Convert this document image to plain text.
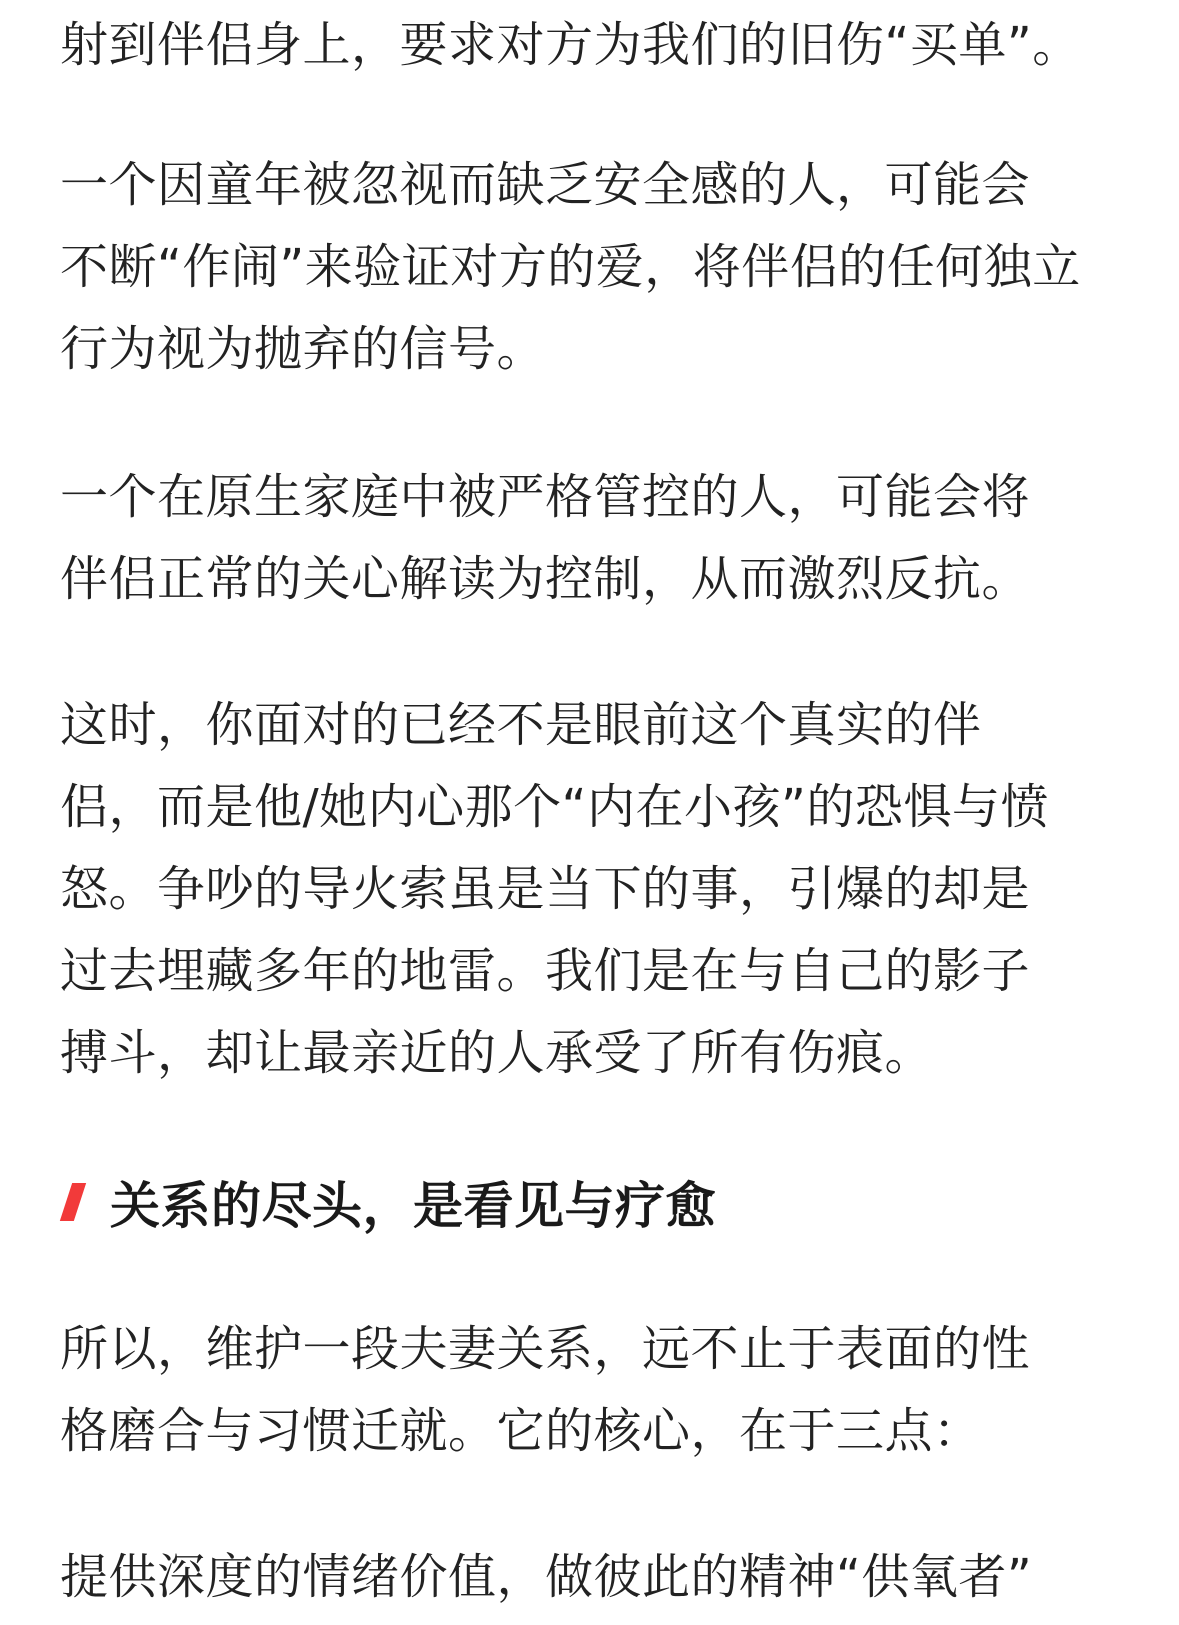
射到伴侣身上，要求对方为我们的旧伤“买单”。

一个因童年被忽视而缺乏安全感的人，可能会
不断“作闹”来验证对方的爱，将伴侣的任何独立
行为视为抛弃的信号。

一个在原生家庭中被严格管控的人，可能会将
伴侣正常的关心解读为控制，从而激烈反抗。

这时，你面对的已经不是眼前这个真实的伴
侣，而是他/她内心那个“内在小孩”的恐惧与愤
怒。争吵的导火索虽是当下的事，引爆的却是
过去埋藏多年的地雷。我们是在与自己的影子
搏斗，却让最亲近的人承受了所有伤痕。

关系的尽头，是看见与疗愈

所以，维护一段夫妻关系，远不止于表面的性
格磨合与习惯迁就。它的核心，在于三点：

提供深度的情绪价值，做彼此的精神“供氧者”
